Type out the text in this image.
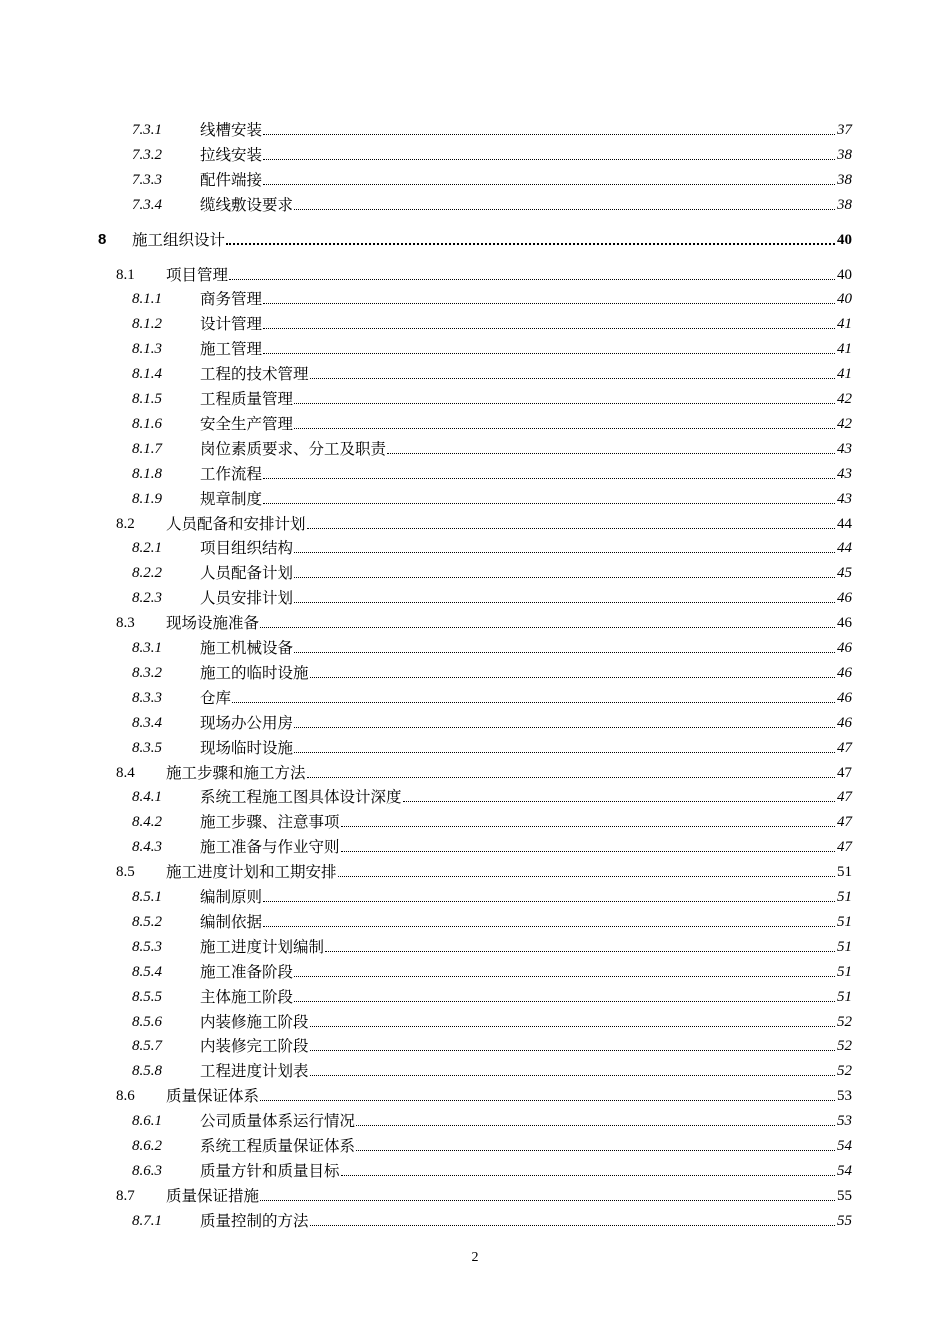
7.3.1 线槽安装	37
7.3.2 拉线安装	38
7.3.3 配件端接	38
7.3.4 缆线敷设要求	38
8 施工组织设计	40
8.1 项目管理	40
8.1.1 商务管理	40
8.1.2 设计管理	41
8.1.3 施工管理	41
8.1.4 工程的技术管理	41
8.1.5 工程质量管理	42
8.1.6 安全生产管理	42
8.1.7 岗位素质要求、分工及职责	43
8.1.8 工作流程	43
8.1.9 规章制度	43
8.2 人员配备和安排计划	44
8.2.1 项目组织结构	44
8.2.2 人员配备计划	45
8.2.3 人员安排计划	46
8.3 现场设施准备	46
8.3.1 施工机械设备	46
8.3.2 施工的临时设施	46
8.3.3 仓库	46
8.3.4 现场办公用房	46
8.3.5 现场临时设施	47
8.4 施工步骤和施工方法	47
8.4.1 系统工程施工图具体设计深度	47
8.4.2 施工步骤、注意事项	47
8.4.3 施工准备与作业守则	47
8.5 施工进度计划和工期安排	51
8.5.1 编制原则	51
8.5.2 编制依据	51
8.5.3 施工进度计划编制	51
8.5.4 施工准备阶段	51
8.5.5 主体施工阶段	51
8.5.6 内装修施工阶段	52
8.5.7 内装修完工阶段	52
8.5.8 工程进度计划表	52
8.6 质量保证体系	53
8.6.1 公司质量体系运行情况	53
8.6.2 系统工程质量保证体系	54
8.6.3 质量方针和质量目标	54
8.7 质量保证措施	55
8.7.1 质量控制的方法	55
2
